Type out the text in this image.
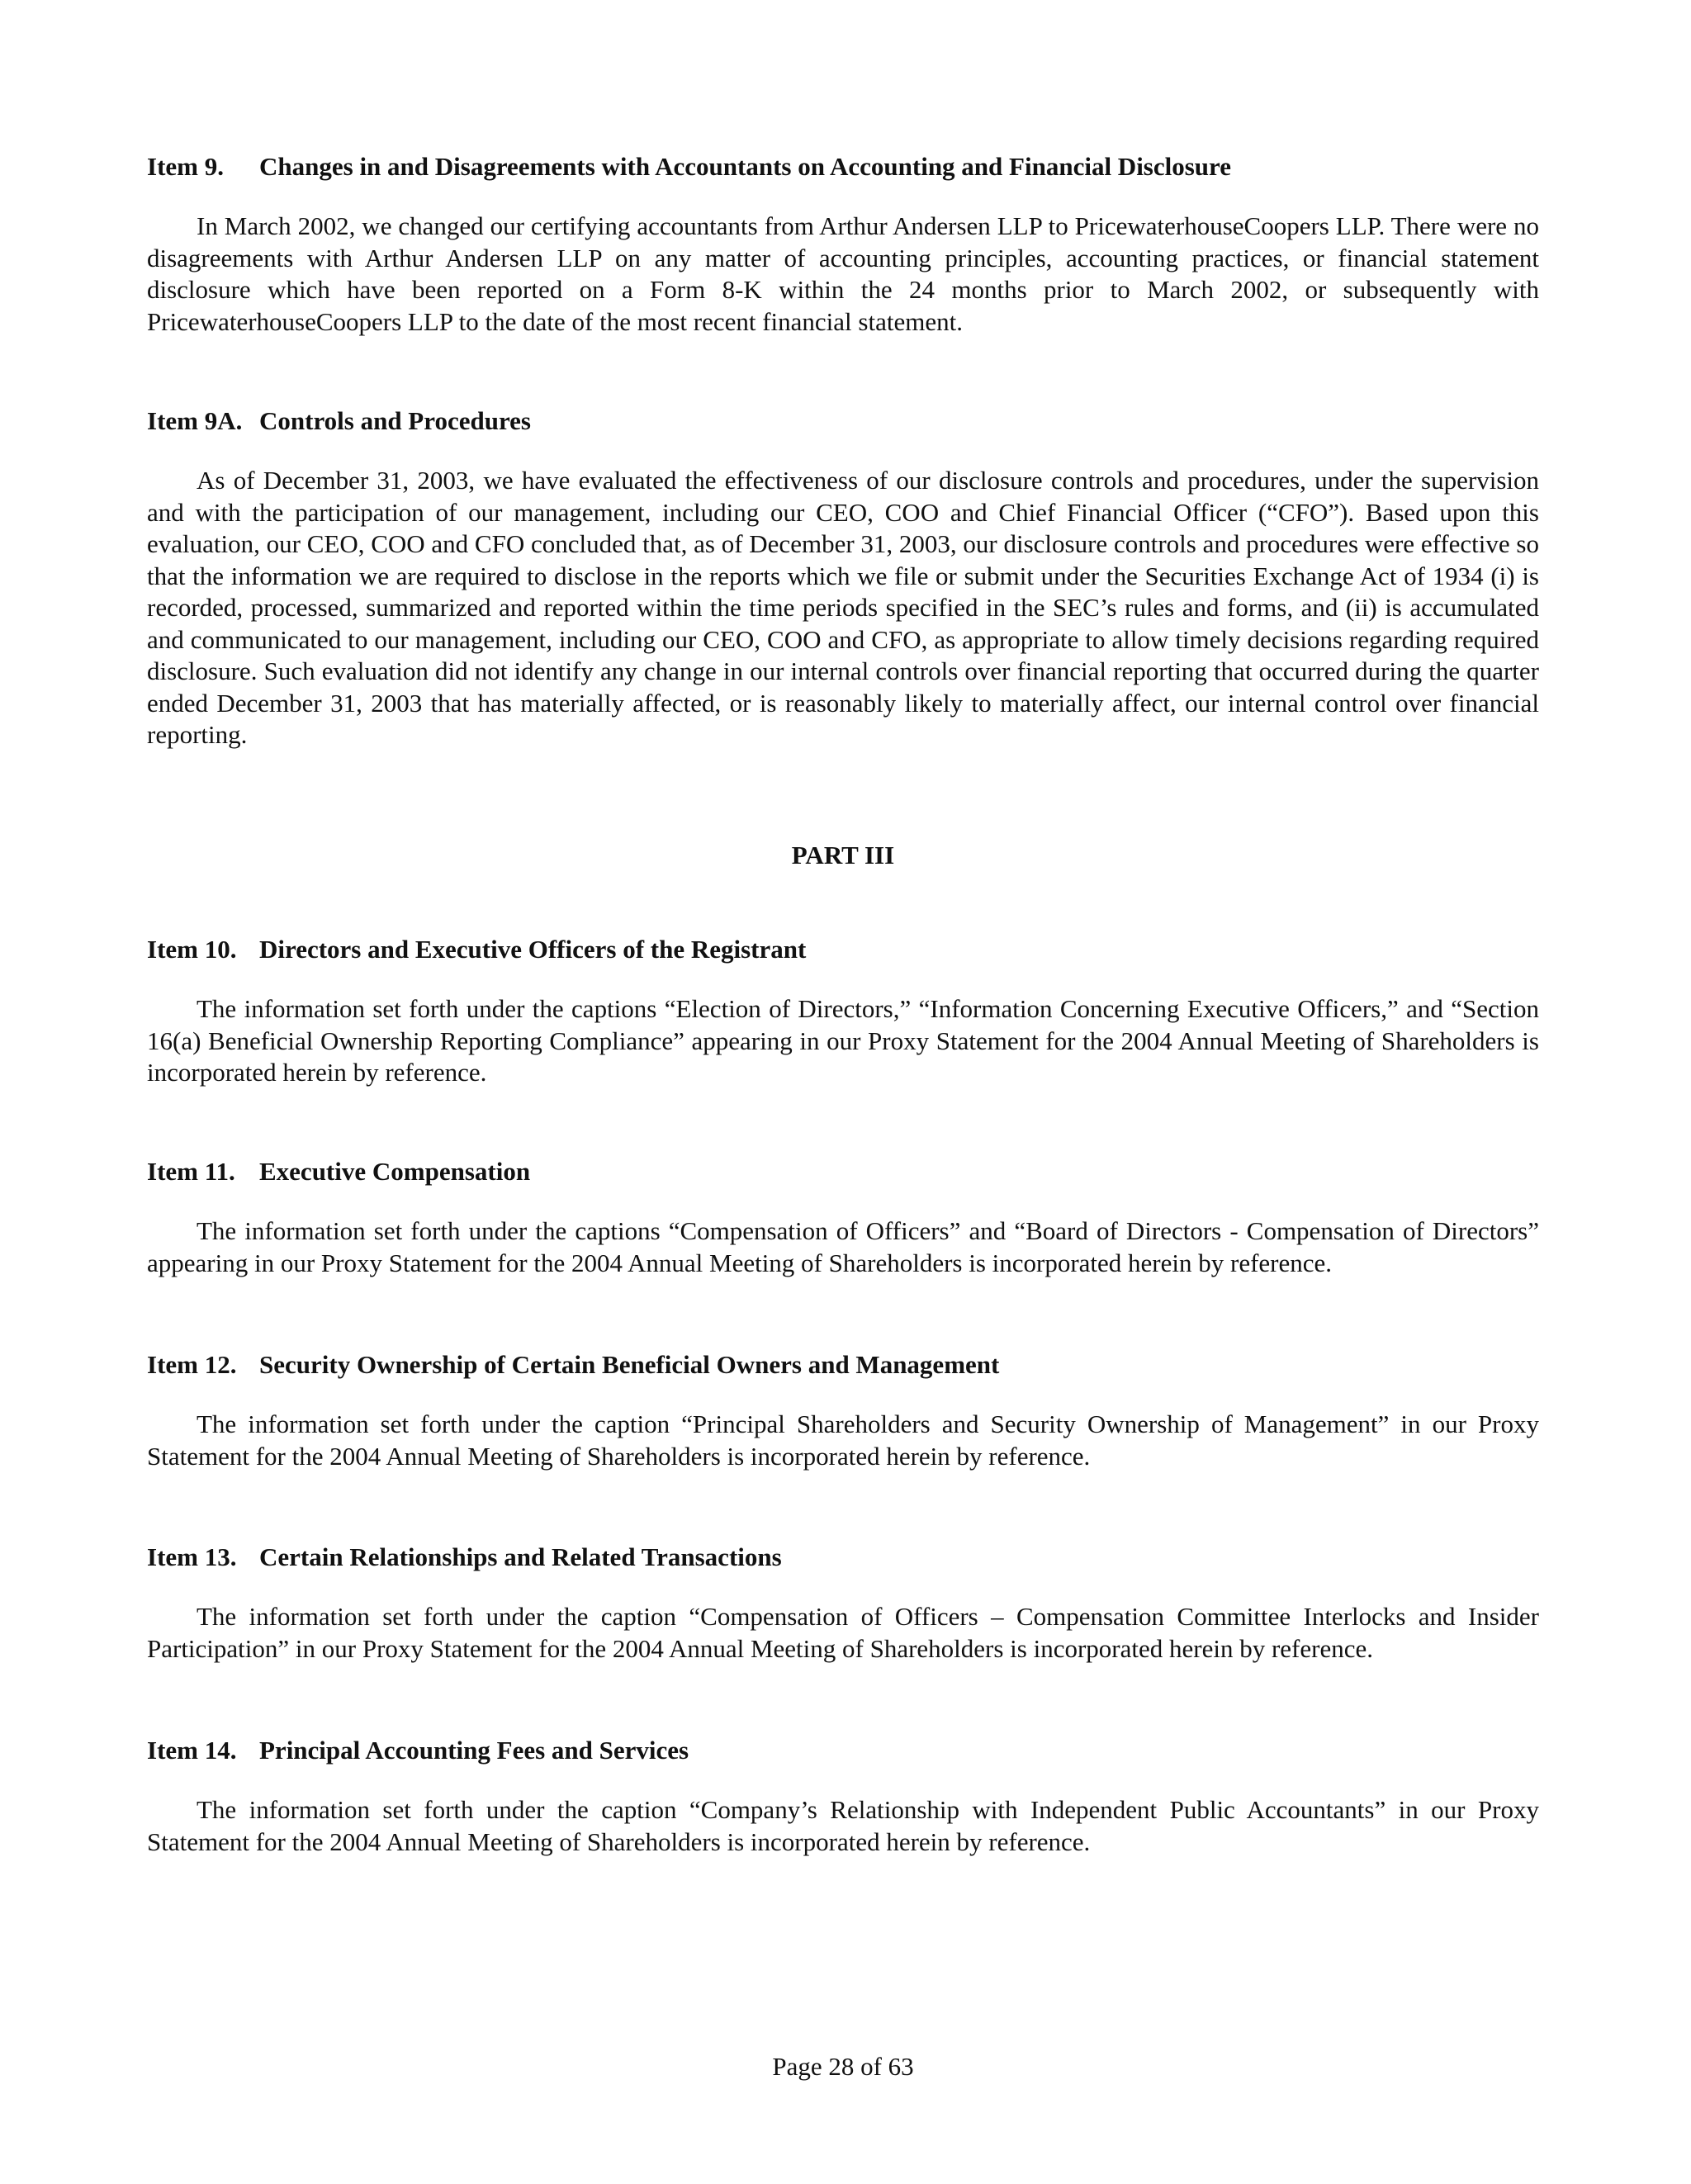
Item 9. Changes in and Disagreements with Accountants on Accounting and Financial Disclosure

In March 2002, we changed our certifying accountants from Arthur Andersen LLP to PricewaterhouseCoopers LLP. There were no disagreements with Arthur Andersen LLP on any matter of accounting principles, accounting practices, or financial statement disclosure which have been reported on a Form 8-K within the 24 months prior to March 2002, or subsequently with PricewaterhouseCoopers LLP to the date of the most recent financial statement.

Item 9A. Controls and Procedures

As of December 31, 2003, we have evaluated the effectiveness of our disclosure controls and procedures, under the supervision and with the participation of our management, including our CEO, COO and Chief Financial Officer (“CFO”). Based upon this evaluation, our CEO, COO and CFO concluded that, as of December 31, 2003, our disclosure controls and procedures were effective so that the information we are required to disclose in the reports which we file or submit under the Securities Exchange Act of 1934 (i) is recorded, processed, summarized and reported within the time periods specified in the SEC’s rules and forms, and (ii) is accumulated and communicated to our management, including our CEO, COO and CFO, as appropriate to allow timely decisions regarding required disclosure. Such evaluation did not identify any change in our internal controls over financial reporting that occurred during the quarter ended December 31, 2003 that has materially affected, or is reasonably likely to materially affect, our internal control over financial reporting.

PART III

Item 10. Directors and Executive Officers of the Registrant

The information set forth under the captions “Election of Directors,” “Information Concerning Executive Officers,” and “Section 16(a) Beneficial Ownership Reporting Compliance” appearing in our Proxy Statement for the 2004 Annual Meeting of Shareholders is incorporated herein by reference.

Item 11. Executive Compensation

The information set forth under the captions “Compensation of Officers” and “Board of Directors - Compensation of Directors” appearing in our Proxy Statement for the 2004 Annual Meeting of Shareholders is incorporated herein by reference.

Item 12. Security Ownership of Certain Beneficial Owners and Management

The information set forth under the caption “Principal Shareholders and Security Ownership of Management” in our Proxy Statement for the 2004 Annual Meeting of Shareholders is incorporated herein by reference.

Item 13. Certain Relationships and Related Transactions

The information set forth under the caption “Compensation of Officers – Compensation Committee Interlocks and Insider Participation” in our Proxy Statement for the 2004 Annual Meeting of Shareholders is incorporated herein by reference.

Item 14. Principal Accounting Fees and Services

The information set forth under the caption “Company’s Relationship with Independent Public Accountants” in our Proxy Statement for the 2004 Annual Meeting of Shareholders is incorporated herein by reference.

Page 28 of 63
